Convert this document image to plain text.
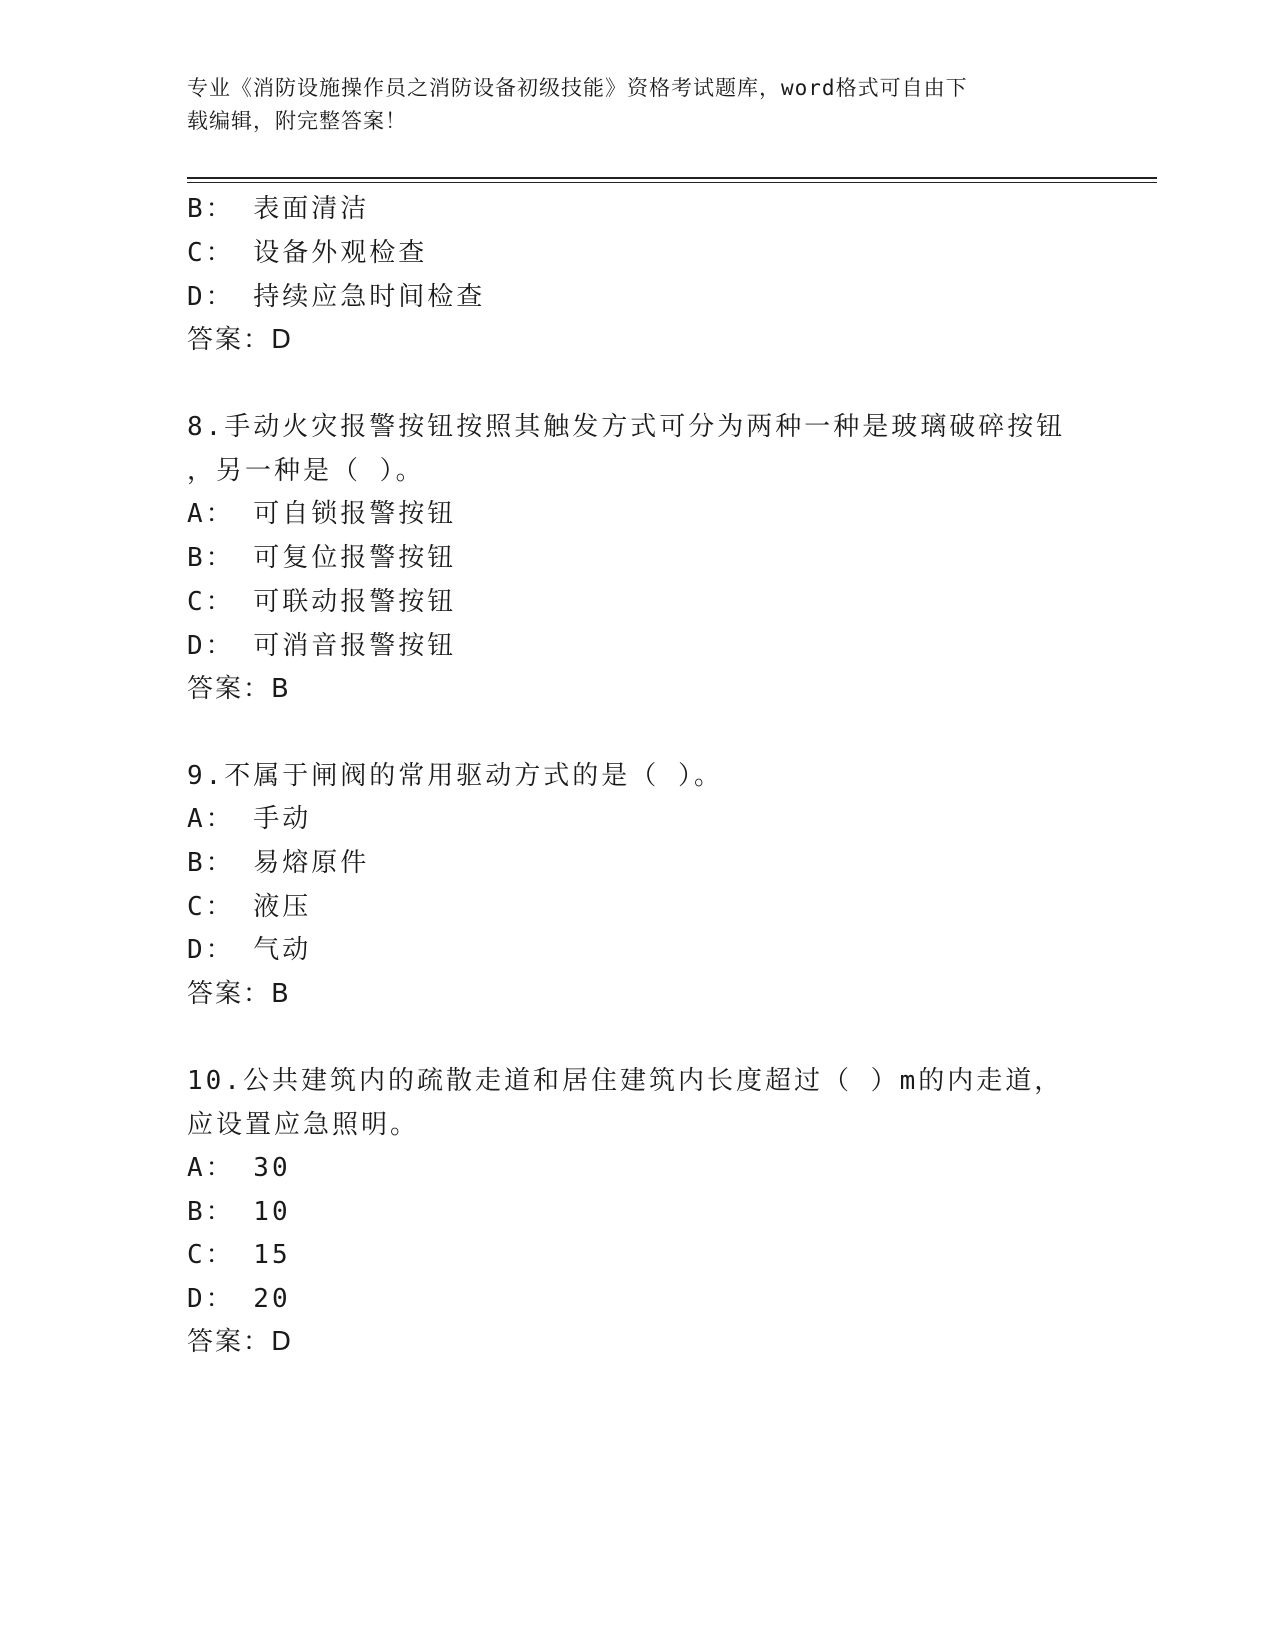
专业《消防设施操作员之消防设备初级技能》资格考试题库，word格式可自由下
载编辑，附完整答案！
B： 表面清洁
C： 设备外观检查
D： 持续应急时间检查
答案：D
8.手动火灾报警按钮按照其触发方式可分为两种一种是玻璃破碎按钮
，另一种是（ ）。
A： 可自锁报警按钮
B： 可复位报警按钮
C： 可联动报警按钮
D： 可消音报警按钮
答案：B
9.不属于闸阀的常用驱动方式的是（ ）。
A： 手动
B： 易熔原件
C： 液压
D： 气动
答案：B
10.公共建筑内的疏散走道和居住建筑内长度超过（ ）m的内走道，
应设置应急照明。
A： 30
B： 10
C： 15
D： 20
答案：D
